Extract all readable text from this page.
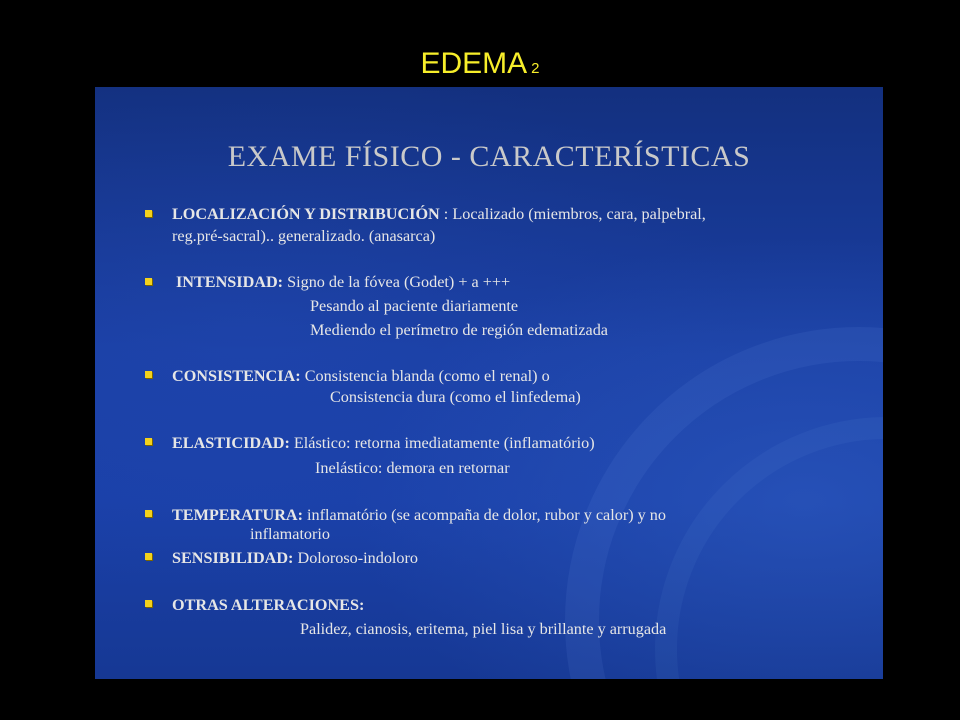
EDEMA 2
EXAME FÍSICO - CARACTERÍSTICAS
LOCALIZACIÓN Y DISTRIBUCIÓN : Localizado (miembros, cara, palpebral,
reg.pré-sacral).. generalizado. (anasarca)
INTENSIDAD: Signo de la fóvea (Godet) + a +++
Pesando al paciente diariamente
Mediendo el perímetro de región edematizada
CONSISTENCIA: Consistencia blanda (como el renal) o
Consistencia dura (como el linfedema)
ELASTICIDAD: Elástico: retorna imediatamente (inflamatório)
Inelástico: demora en retornar
TEMPERATURA: inflamatório (se acompaña de dolor, rubor y calor) y no
inflamatorio
SENSIBILIDAD: Doloroso-indoloro
OTRAS ALTERACIONES:
Palidez, cianosis, eritema, piel lisa y brillante y arrugada
